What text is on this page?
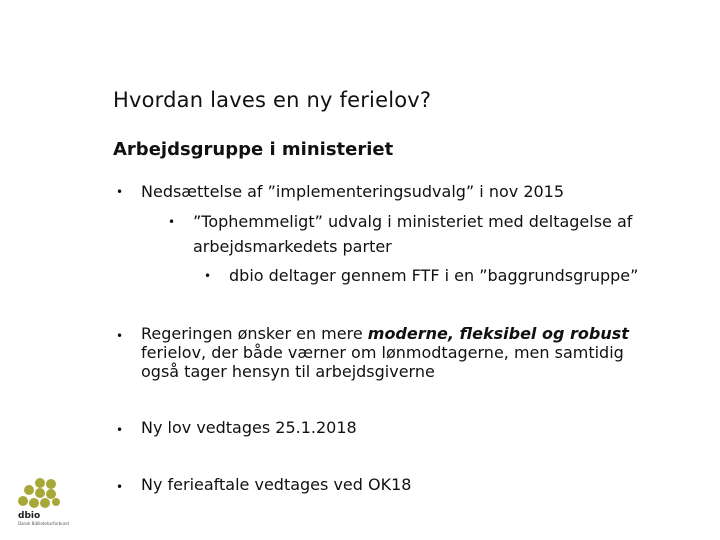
Hvordan laves en ny ferielov?
Arbejdsgruppe i ministeriet
• Nedsættelse af ”implementeringsudvalg” i nov 2015
• ”Tophemmeligt” udvalg i ministeriet med deltagelse af
arbejdsmarkedets parter
• dbio deltager gennem FTF i en ”baggrundsgruppe”
• Regeringen ønsker en mere moderne, fleksibel og robust
ferielov, der både værner om lønmodtagerne, men samtidig
også tager hensyn til arbejdsgiverne
• Ny lov vedtages 25.1.2018
• Ny ferieaftale vedtages ved OK18
dbio
Dansk Bibliotekarforbund
